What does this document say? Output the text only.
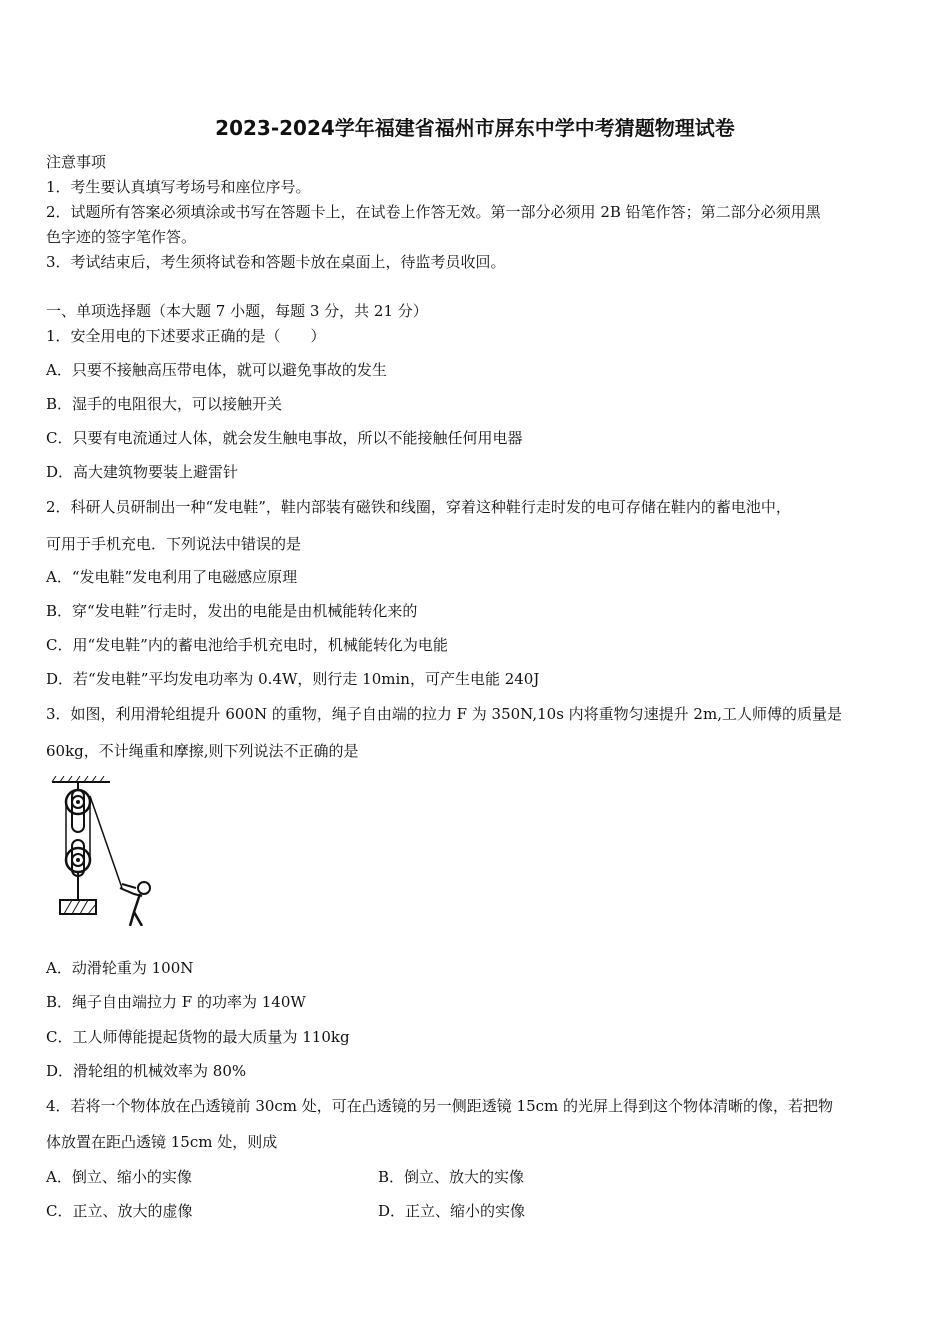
2023-2024学年福建省福州市屏东中学中考猜题物理试卷
注意事项
1．考生要认真填写考场号和座位序号。
2．试题所有答案必须填涂或书写在答题卡上，在试卷上作答无效。第一部分必须用 2B 铅笔作答；第二部分必须用黑
色字迹的签字笔作答。
3．考试结束后，考生须将试卷和答题卡放在桌面上，待监考员收回。
一、单项选择题（本大题 7 小题，每题 3 分，共 21 分）
1．安全用电的下述要求正确的是（　　）
A．只要不接触高压带电体，就可以避免事故的发生
B．湿手的电阻很大，可以接触开关
C．只要有电流通过人体，就会发生触电事故，所以不能接触任何用电器
D．高大建筑物要装上避雷针
2．科研人员研制出一种“发电鞋”，鞋内部装有磁铁和线圈，穿着这种鞋行走时发的电可存储在鞋内的蓄电池中，
可用于手机充电．下列说法中错误的是
A．“发电鞋”发电利用了电磁感应原理
B．穿“发电鞋”行走时，发出的电能是由机械能转化来的
C．用“发电鞋”内的蓄电池给手机充电时，机械能转化为电能
D．若“发电鞋”平均发电功率为 0.4W，则行走 10min，可产生电能 240J
3．如图，利用滑轮组提升 600N 的重物，绳子自由端的拉力 F 为 350N,10s 内将重物匀速提升 2m,工人师傅的质量是
60kg，不计绳重和摩擦,则下列说法不正确的是
A．动滑轮重为 100N
B．绳子自由端拉力 F 的功率为 140W
C．工人师傅能提起货物的最大质量为 110kg
D．滑轮组的机械效率为 80%
4．若将一个物体放在凸透镜前 30cm 处，可在凸透镜的另一侧距透镜 15cm 的光屏上得到这个物体清晰的像，若把物
体放置在距凸透镜 15cm 处，则成
A．倒立、缩小的实像	B．倒立、放大的实像
C．正立、放大的虚像	D．正立、缩小的实像
